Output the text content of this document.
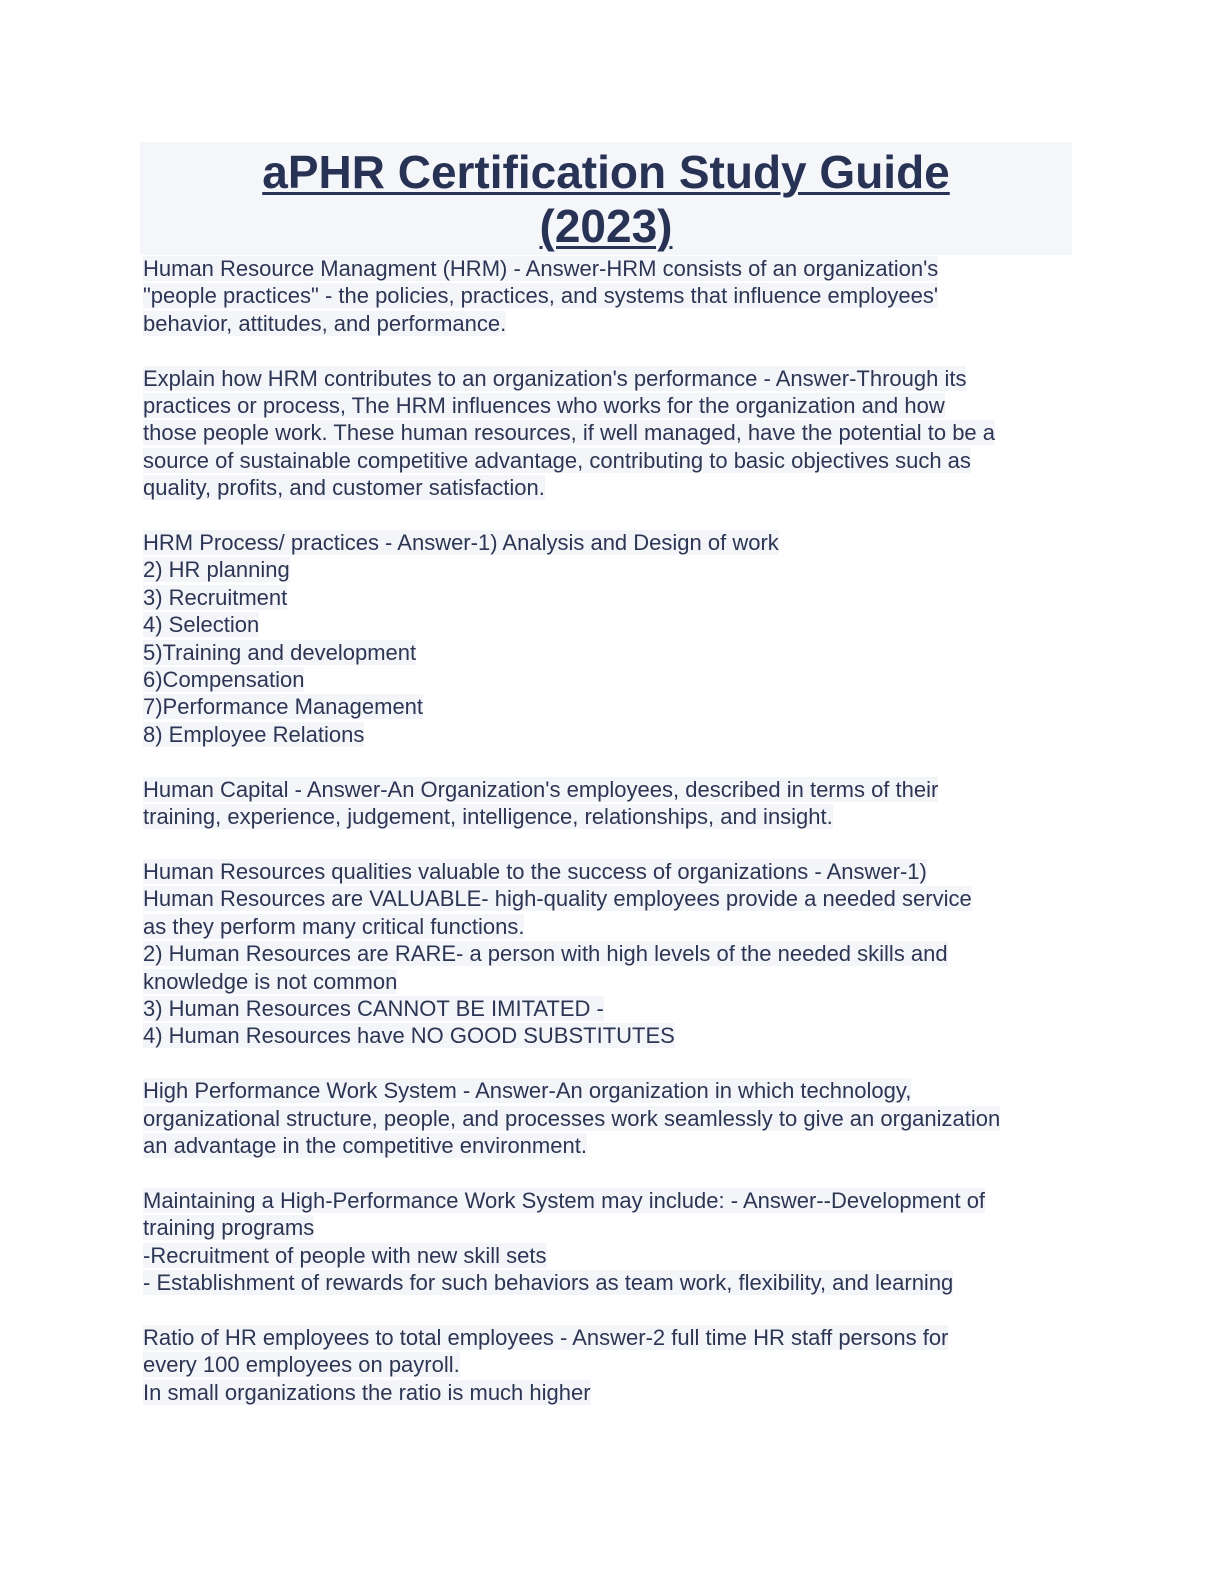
aPHR Certification Study Guide
(2023)
Human Resource Managment (HRM) - Answer-HRM consists of an organization's
"people practices" - the policies, practices, and systems that influence employees'
behavior, attitudes, and performance.
Explain how HRM contributes to an organization's performance - Answer-Through its
practices or process, The HRM influences who works for the organization and how
those people work. These human resources, if well managed, have the potential to be a
source of sustainable competitive advantage, contributing to basic objectives such as
quality, profits, and customer satisfaction.
HRM Process/ practices - Answer-1) Analysis and Design of work
2) HR planning
3) Recruitment
4) Selection
5)Training and development
6)Compensation
7)Performance Management
8) Employee Relations
Human Capital - Answer-An Organization's employees, described in terms of their
training, experience, judgement, intelligence, relationships, and insight.
Human Resources qualities valuable to the success of organizations - Answer-1)
Human Resources are VALUABLE- high-quality employees provide a needed service
as they perform many critical functions.
2) Human Resources are RARE- a person with high levels of the needed skills and
knowledge is not common
3) Human Resources CANNOT BE IMITATED -
4) Human Resources have NO GOOD SUBSTITUTES
High Performance Work System - Answer-An organization in which technology,
organizational structure, people, and processes work seamlessly to give an organization
an advantage in the competitive environment.
Maintaining a High-Performance Work System may include: - Answer--Development of
training programs
-Recruitment of people with new skill sets
- Establishment of rewards for such behaviors as team work, flexibility, and learning
Ratio of HR employees to total employees - Answer-2 full time HR staff persons for
every 100 employees on payroll.
In small organizations the ratio is much higher
